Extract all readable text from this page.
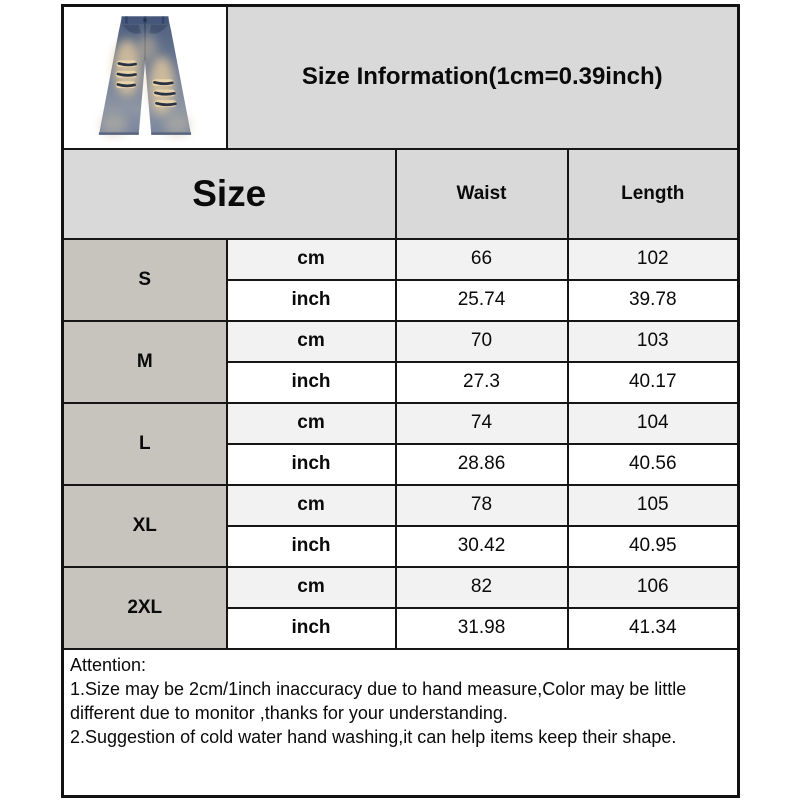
	Size Information(1cm=0.39inch)		
Size		Waist	Length
S	cm	66	102
	inch	25.74	39.78
M	cm	70	103
	inch	27.3	40.17
L	cm	74	104
	inch	28.86	40.56
XL	cm	78	105
	inch	30.42	40.95
2XL	cm	82	106
	inch	31.98	41.34

Attention:
1.Size may be 2cm/1inch inaccuracy due to hand measure,Color may be little different due to monitor ,thanks for your understanding.
2.Suggestion of cold water hand washing,it can help items keep their shape.			
